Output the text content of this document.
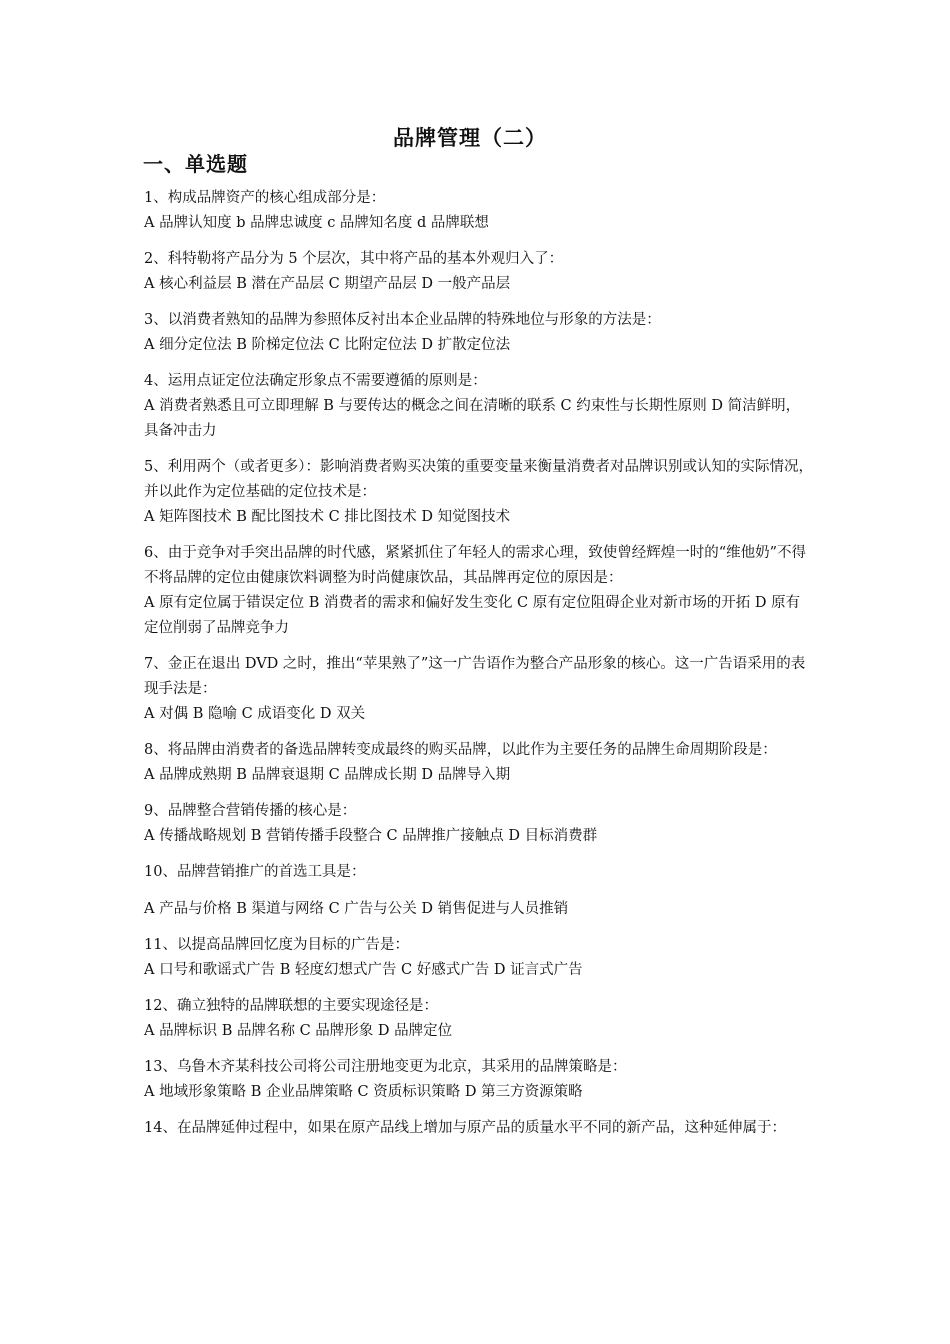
品牌管理（二）
一、单选题

1、构成品牌资产的核心组成部分是：

A 品牌认知度 b 品牌忠诚度 c 品牌知名度 d 品牌联想

2、科特勒将产品分为 5 个层次，其中将产品的基本外观归入了：

A 核心利益层 B 潜在产品层 C 期望产品层 D 一般产品层

3、以消费者熟知的品牌为参照体反衬出本企业品牌的特殊地位与形象的方法是：

A 细分定位法 B 阶梯定位法 C 比附定位法 D 扩散定位法

4、运用点证定位法确定形象点不需要遵循的原则是：

A 消费者熟悉且可立即理解 B 与要传达的概念之间在清晰的联系 C 约束性与长期性原则 D 简洁鲜明，具备冲击力

5、利用两个（或者更多）：影响消费者购买决策的重要变量来衡量消费者对品牌识别或认知的实际情况，并以此作为定位基础的定位技术是：

A 矩阵图技术 B 配比图技术 C 排比图技术 D 知觉图技术

6、由于竞争对手突出品牌的时代感，紧紧抓住了年轻人的需求心理，致使曾经辉煌一时的“维他奶”不得不将品牌的定位由健康饮料调整为时尚健康饮品，其品牌再定位的原因是：

A 原有定位属于错误定位 B 消费者的需求和偏好发生变化 C 原有定位阻碍企业对新市场的开拓 D 原有定位削弱了品牌竞争力

7、金正在退出 DVD 之时，推出“苹果熟了”这一广告语作为整合产品形象的核心。这一广告语采用的表现手法是：

A 对偶 B 隐喻 C 成语变化 D 双关

8、将品牌由消费者的备选品牌转变成最终的购买品牌，以此作为主要任务的品牌生命周期阶段是：

A 品牌成熟期 B 品牌衰退期 C 品牌成长期 D 品牌导入期

9、品牌整合营销传播的核心是：

A 传播战略规划 B 营销传播手段整合 C 品牌推广接触点 D 目标消费群

10、品牌营销推广的首选工具是：

A 产品与价格 B 渠道与网络 C 广告与公关 D 销售促进与人员推销

11、以提高品牌回忆度为目标的广告是：

A 口号和歌谣式广告 B 轻度幻想式广告 C 好感式广告 D 证言式广告

12、确立独特的品牌联想的主要实现途径是：

A 品牌标识 B 品牌名称 C 品牌形象 D 品牌定位

13、乌鲁木齐某科技公司将公司注册地变更为北京，其采用的品牌策略是：

A 地域形象策略 B 企业品牌策略 C 资质标识策略 D 第三方资源策略

14、在品牌延伸过程中，如果在原产品线上增加与原产品的质量水平不同的新产品，这种延伸属于：
